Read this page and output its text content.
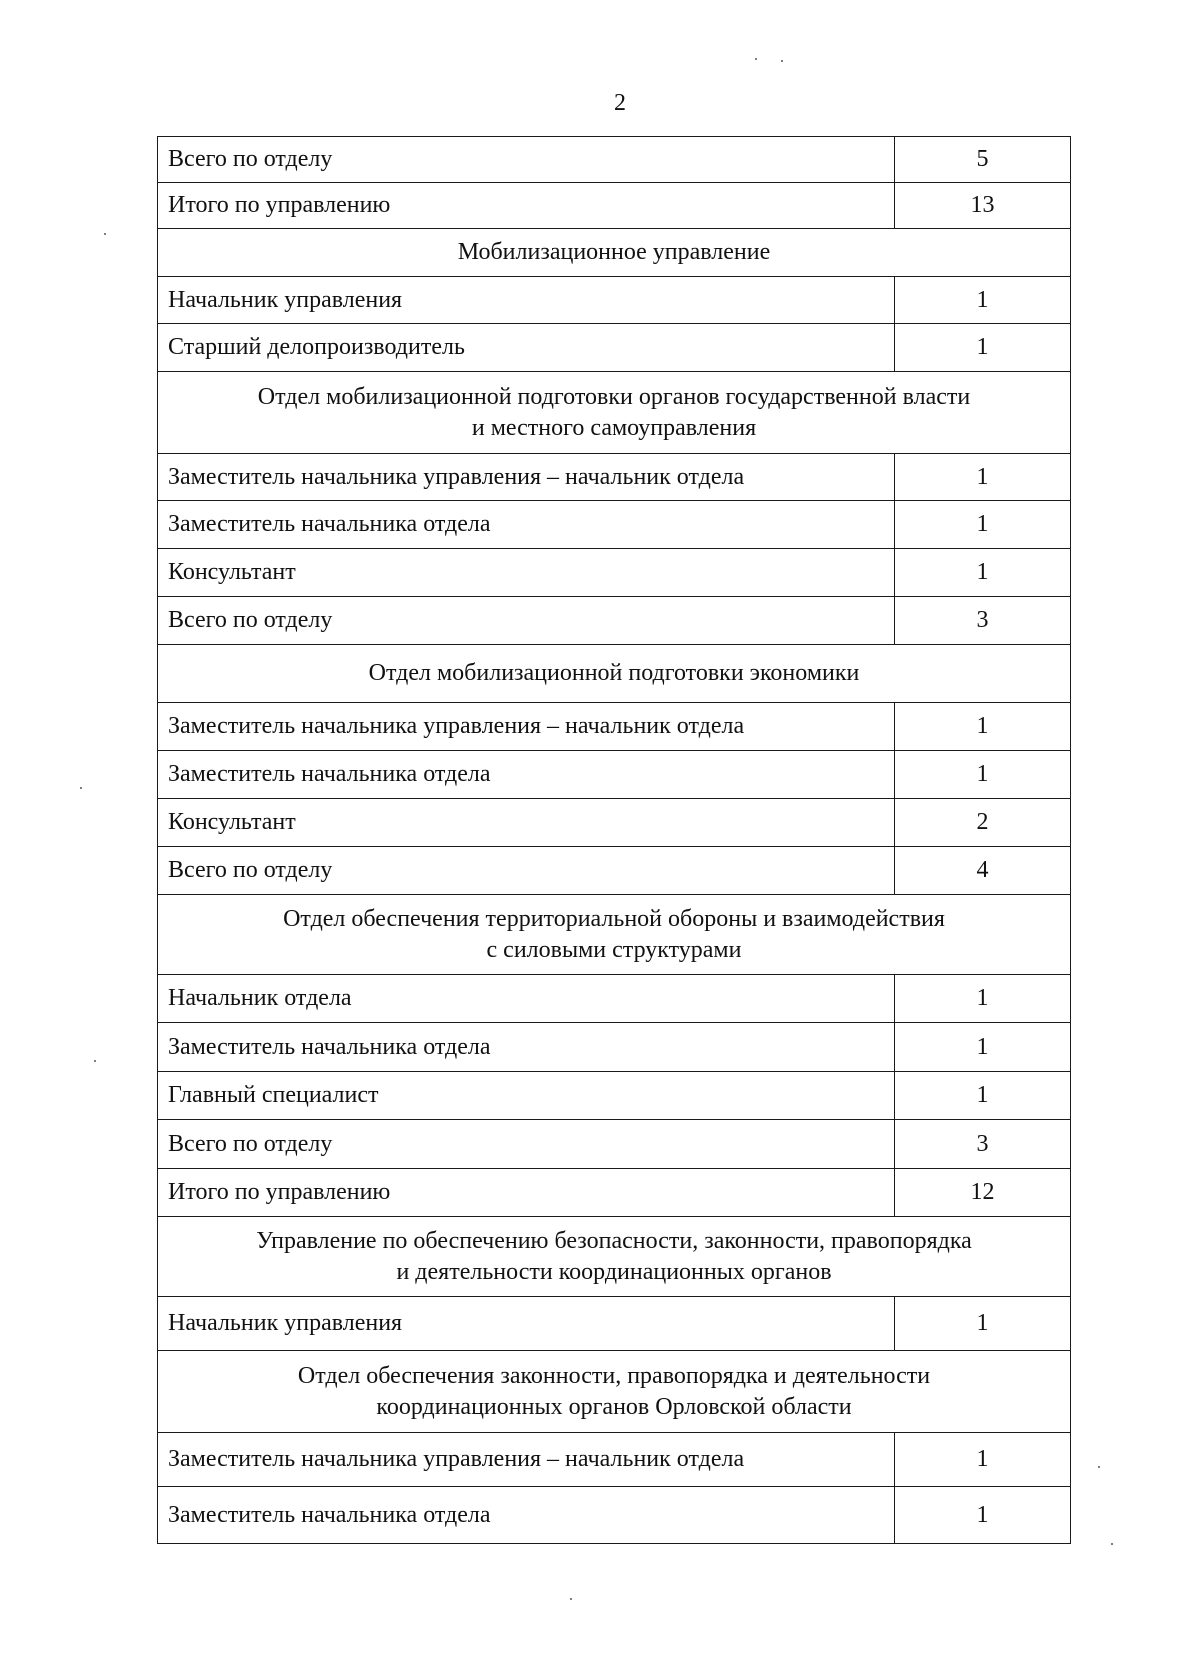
2
Всего по отделу	5
Итого по управлению	13
Мобилизационное управление	
Начальник управления	1
Старший делопроизводитель	1
Отдел мобилизационной подготовки органов государственной власти
и местного самоуправления	
Заместитель начальника управления – начальник отдела	1
Заместитель начальника отдела	1
Консультант	1
Всего по отделу	3
Отдел мобилизационной подготовки экономики	
Заместитель начальника управления – начальник отдела	1
Заместитель начальника отдела	1
Консультант	2
Всего по отделу	4
Отдел обеспечения территориальной обороны и взаимодействия
с силовыми структурами	
Начальник отдела	1
Заместитель начальника отдела	1
Главный специалист	1
Всего по отделу	3
Итого по управлению	12
Управление по обеспечению безопасности, законности, правопорядка
и деятельности координационных органов	
Начальник управления	1
Отдел обеспечения законности, правопорядка и деятельности
координационных органов Орловской области	
Заместитель начальника управления – начальник отдела	1
Заместитель начальника отдела	1
